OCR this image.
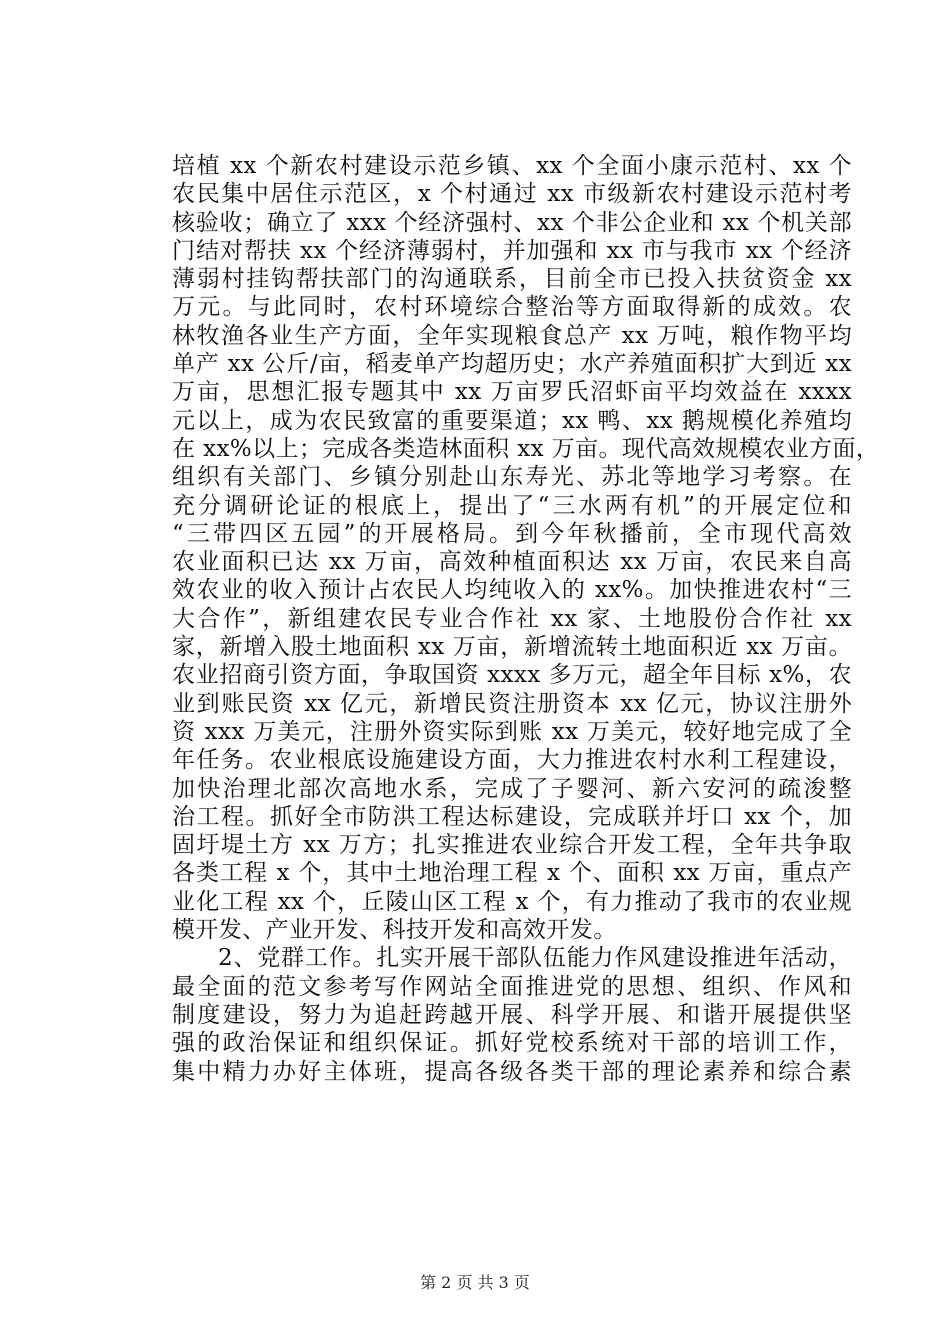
培植 xx 个新农村建设示范乡镇、xx 个全面小康示范村、xx 个
农民集中居住示范区，x 个村通过 xx 市级新农村建设示范村考
核验收；确立了 xxx 个经济强村、xx 个非公企业和 xx 个机关部
门结对帮扶 xx 个经济薄弱村，并加强和 xx 市与我市 xx 个经济
薄弱村挂钩帮扶部门的沟通联系，目前全市已投入扶贫资金 xx
万元。与此同时，农村环境综合整治等方面取得新的成效。农
林牧渔各业生产方面，全年实现粮食总产 xx 万吨，粮作物平均
单产 xx 公斤/亩，稻麦单产均超历史；水产养殖面积扩大到近 xx
万亩，思想汇报专题其中 xx 万亩罗氏沼虾亩平均效益在 xxxx
元以上，成为农民致富的重要渠道；xx 鸭、xx 鹅规模化养殖均
在 xx%以上；完成各类造林面积 xx 万亩。现代高效规模农业方面，
组织有关部门、乡镇分别赴山东寿光、苏北等地学习考察。在
充分调研论证的根底上，提出了“三水两有机”的开展定位和
“三带四区五园”的开展格局。到今年秋播前，全市现代高效
农业面积已达 xx 万亩，高效种植面积达 xx 万亩，农民来自高
效农业的收入预计占农民人均纯收入的 xx%。加快推进农村“三
大合作”，新组建农民专业合作社 xx 家、土地股份合作社 xx
家，新增入股土地面积 xx 万亩，新增流转土地面积近 xx 万亩。
农业招商引资方面，争取国资 xxxx 多万元，超全年目标 x%，农
业到账民资 xx 亿元，新增民资注册资本 xx 亿元，协议注册外
资 xxx 万美元，注册外资实际到账 xx 万美元，较好地完成了全
年任务。农业根底设施建设方面，大力推进农村水利工程建设，
加快治理北部次高地水系，完成了子婴河、新六安河的疏浚整
治工程。抓好全市防洪工程达标建设，完成联并圩口 xx 个，加
固圩堤土方 xx 万方；扎实推进农业综合开发工程，全年共争取
各类工程 x 个，其中土地治理工程 x 个、面积 xx 万亩，重点产
业化工程 xx 个，丘陵山区工程 x 个，有力推动了我市的农业规
模开发、产业开发、科技开发和高效开发。
2、党群工作。扎实开展干部队伍能力作风建设推进年活动，
最全面的范文参考写作网站全面推进党的思想、组织、作风和
制度建设，努力为追赶跨越开展、科学开展、和谐开展提供坚
强的政治保证和组织保证。抓好党校系统对干部的培训工作，
集中精力办好主体班，提高各级各类干部的理论素养和综合素
第 2 页 共 3 页
